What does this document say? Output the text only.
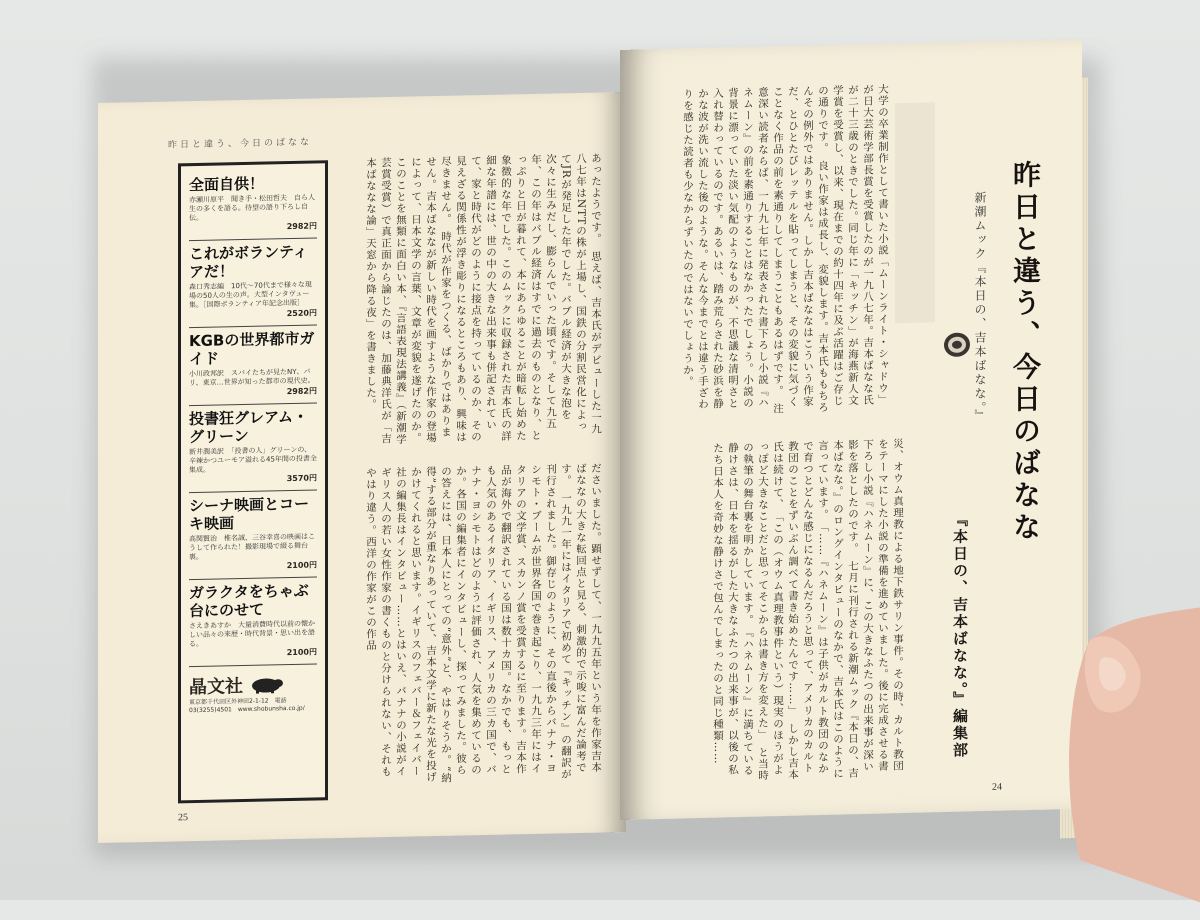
昨日と違う、今日のばなな
全面自供！
赤瀬川原平　聞き手・松田哲夫　自ら人生の多くを語る。待望の語り下ろし自伝。
2982円
これがボランティアだ！
森口秀志編　10代〜70代まで様々な現場の50人の生の声。大型インタヴュー集。［国際ボランティア年記念出版］
2520円
KGBの世界都市ガイド
小川政邦訳　スパイたちが見たNY、パリ、東京…世界が知った都市の現代史。
2982円
投書狂グレアム・グリーン
新井潤美訳　「投書の人」グリーンの、辛辣かつユーモア溢れる45年間の投書全集成。
3570円
シーナ映画とコーキ映画
高関賢治　椎名誠、三谷幸喜の映画はこうして作られた！撮影現場で綴る舞台裏。
2100円
ガラクタをちゃぶ台にのせて
さえきあすか　大量消費時代以前の懐かしい品々の来歴・時代背景・思い出を語る。
2100円
晶文社
東京都千代田区外神田2-1-12　電話03(3255)4501　www.shobunsha.co.jp/
あったようです。　思えば、吉本氏がデビューした一九八七年はNTTの株が上場し、国鉄の分割民営化によってJRが発足した年でした。バブル経済が大きな泡を次々に生みだし、膨らんでいった頃です。そして九五年、この年はバブル経済はすでに過去のものとなり、とっぷりと日が暮れて、本にあらゆることが暗転し始めた象徴的な年でした。このムックに収録された吉本氏の詳細な年譜には、世の中の大きな出来事も併記されていて、家と時代がどのように接点を持っているのか、その見えざる関係性が浮き彫りになるところもあり、興味は尽きません。　時代が作家をつくる、ばかりではありません。吉本ばななが新しい時代を画すような作家の登場によって、日本文学の言葉、文章が変貌を遂げたのか。このことを無類に面白い本、『言語表現法講義』（新潮学芸賞受賞）で真正面から論じたのは、加藤典洋氏が「吉本ばななな論」天窓から降る夜」を書きました。
ださいました。顕せずして、一九九五年という年を作家吉本ばななの大きな転回点と見る、刺激的で示唆に富んだ論考です。　一九九一年にはイタリアで初めて『キッチン』の翻訳が刊行されました。御存じのように、その直後からバナナ・ヨシモト・ブームが世界各国で巻き起こり、一九九三年にはイタリアの文学賞、スカンノ賞を受賞するに至ります。吉本作品が海外で翻訳されている国は数十カ国。なかでも、もっとも人気のあるイタリア、イギリス、アメリカの三カ国で、バナナ・ヨシモトはどのように評価され、人気を集めているのか。各国の編集者にインタビューし、探ってみました。彼らの答えには、日本人にとっての“意外”と、やはりそうか。“納得”する部分が重なりあっていて、吉本文学に新たな光を投げかけてくれると思います。イギリスのフェバー＆フェイバー社の編集長はインタビュー……とはいえ、バナナの小説がイギリス人の若い女性作家の書くものと分けられない、それもやはり違う。西洋の作家がこの作品
25
大学の卒業制作として書いた小説「ムーンライト・シャドウ」が日大芸術学部長賞を受賞したのが一九八七年。吉本ばなな氏が二十三歳のときでした。同じ年に「キッチン」が海燕新人文学賞を受賞し、以来、現在までの約十四年に及ぶ活躍はご存じの通りです。　良い作家は成長し、変貌します。吉本氏ももちろんその例外ではありません。しかし吉本ばななはこういう作家だ、とひとたびレッテルを貼ってしまうと、その変貌に気づくことなく作品の前を素通りしてしまうこともあるはずです。　注意深い読者ならば、一九九七年に発表された書下ろし小説『ハネムーン』の前を素通りすることはなかったでしょう。小説の背景に漂っていた淡い気配のようなものが、不思議な清明さと入れ替わっているのです。あるいは、踏み荒らされた砂浜を静かな波が洗い流した後のような。そんな今までとは違う手ざわりを感じた読者も少なからずいたのではないでしょうか。
災、オウム真理教による地下鉄サリン事件。その時、カルト教団をテーマにした小説の準備を進めていました。後に完成させる書下ろし小説『ハネムーン』に、この大きなふたつの出来事が深い影を落としたのです。　七月に刊行される新潮ムック『本日の、吉本ばなな。』のロングインタビューのなかで、吉本氏はこのように言っています。　「……『ハネムーン』は子供がカルト教団のなかで育つとどんな感じになるんだろうと思って、アメリカのカルト教団のことをずいぶん調べて書き始めたんです……」　しかし吉本氏は続けて、　「この（オウム真理教事件という）現実のほうがよっぽど大きなことだと思ってそこからは書き方を変えた」　と当時の執筆の舞台裏を明かしています。　『ハネムーン』に満ちている静けさは、日本を揺るがした大きなふたつの出来事が、以後の私たち日本人を奇妙な静けさで包んでしまったのと同じ種類……
昨日と違う、今日のばなな
新潮ムック『本日の、吉本ばなな。』
『本日の、吉本ばなな。』編集部
24
